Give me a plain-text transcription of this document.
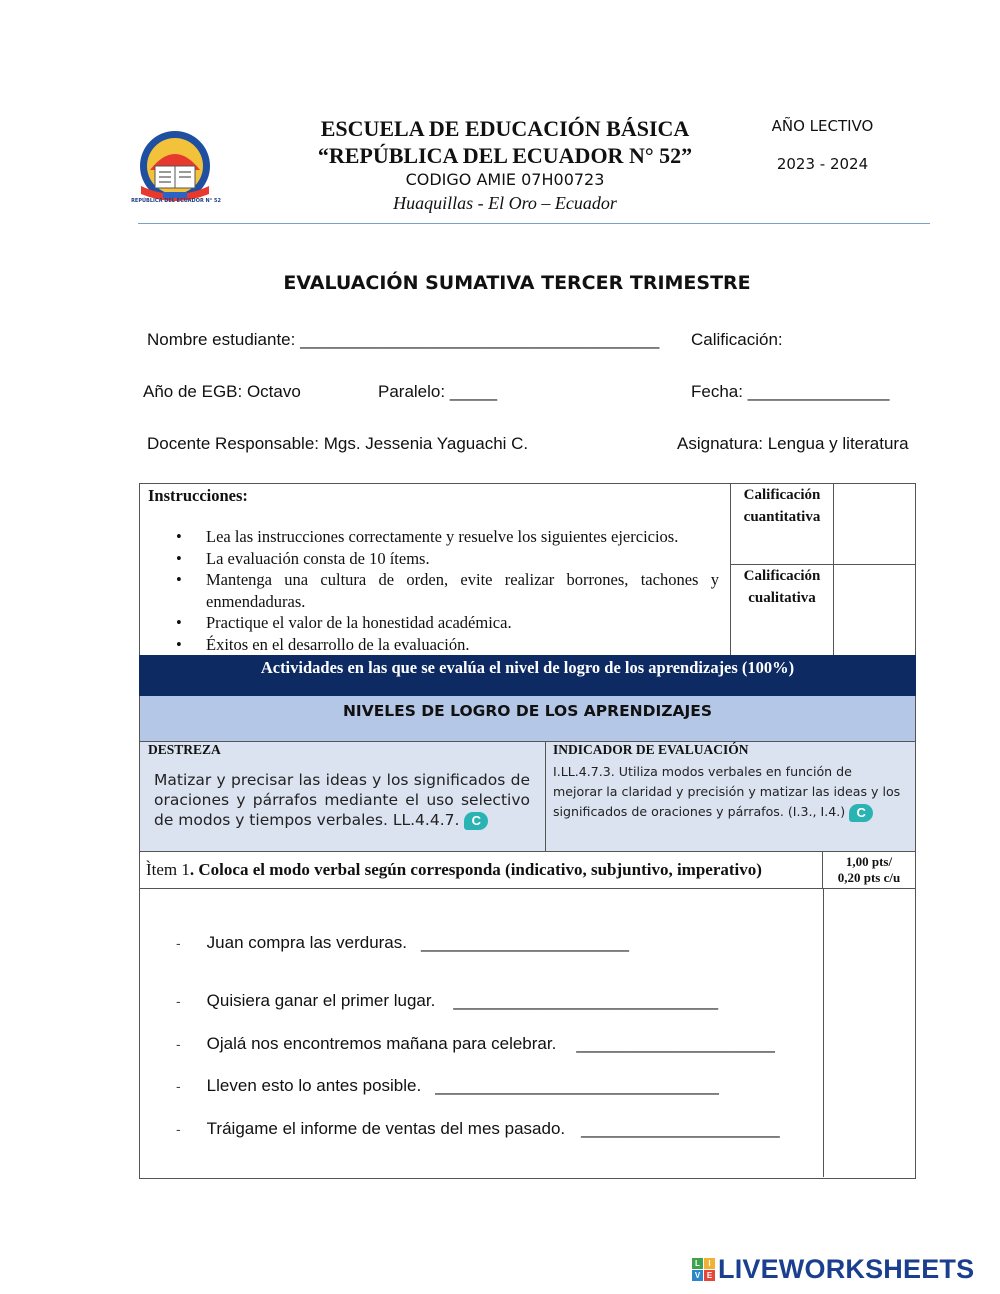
REPÚBLICA DEL ECUADOR N° 52
ESCUELA DE EDUCACIÓN BÁSICA
“REPÚBLICA DEL ECUADOR N° 52”
CODIGO AMIE 07H00723
Huaquillas - El Oro – Ecuador
AÑO LECTIVO
2023 - 2024
EVALUACIÓN SUMATIVA TERCER TRIMESTRE
Nombre estudiante: ______________________________________ Calificación:
Año de EGB: Octavo	Paralelo: _____	Fecha: _______________
Docente Responsable: Mgs. Jessenia Yaguachi C.	Asignatura: Lengua y literatura
Instrucciones:
• Lea las instrucciones correctamente y resuelve los siguientes ejercicios.
• La evaluación consta de 10 ítems.
• Mantenga una cultura de orden, evite realizar borrones, tachones y enmendaduras.
• Practique el valor de la honestidad académica.
• Éxitos en el desarrollo de la evaluación.
Calificación cuantitativa
Calificación cualitativa
Actividades en las que se evalúa el nivel de logro de los aprendizajes (100%)
NIVELES DE LOGRO DE LOS APRENDIZAJES
DESTREZA
Matizar y precisar las ideas y los significados de oraciones y párrafos mediante el uso selectivo de modos y tiempos verbales. LL.4.4.7. C
INDICADOR DE EVALUACIÓN
I.LL.4.7.3. Utiliza modos verbales en función de mejorar la claridad y precisión y matizar las ideas y los significados de oraciones y párrafos. (I.3., I.4.) C
Ìtem 1. Coloca el modo verbal según corresponda (indicativo, subjuntivo, imperativo)	1,00 pts/
0,20 pts c/u
- Juan compra las verduras. ______________________
- Quisiera ganar el primer lugar. ____________________________
- Ojalá nos encontremos mañana para celebrar. _____________________
- Lleven esto lo antes posible. ______________________________
- Tráigame el informe de ventas del mes pasado. _____________________
L	I
V E LIVEWORKSHEETS
